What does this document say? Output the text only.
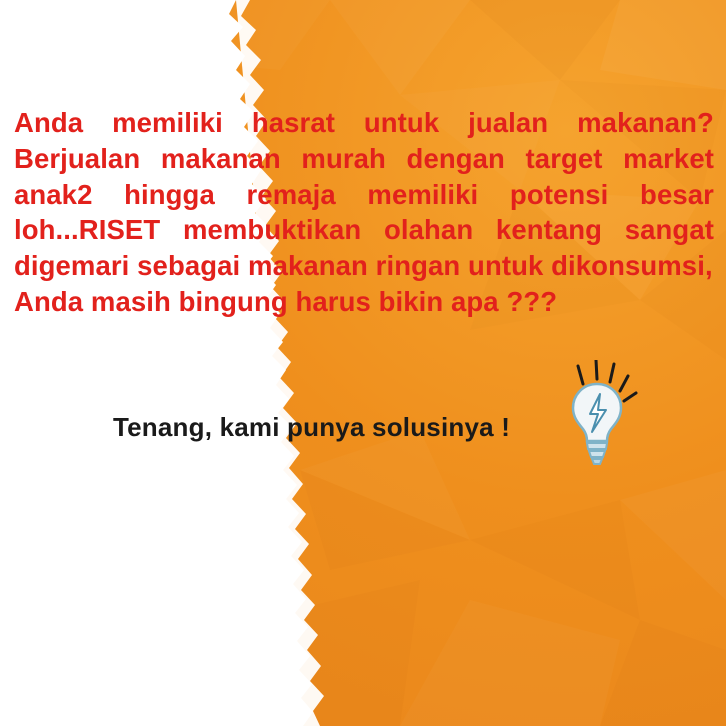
Anda memiliki hasrat untuk jualan makanan?
Berjualan makanan murah dengan target market
anak2 hingga remaja memiliki potensi besar
loh...RISET membuktikan olahan kentang sangat
digemari sebagai makanan ringan untuk dikonsumsi,
Anda masih bingung harus bikin apa ???
Tenang, kami punya solusinya !
